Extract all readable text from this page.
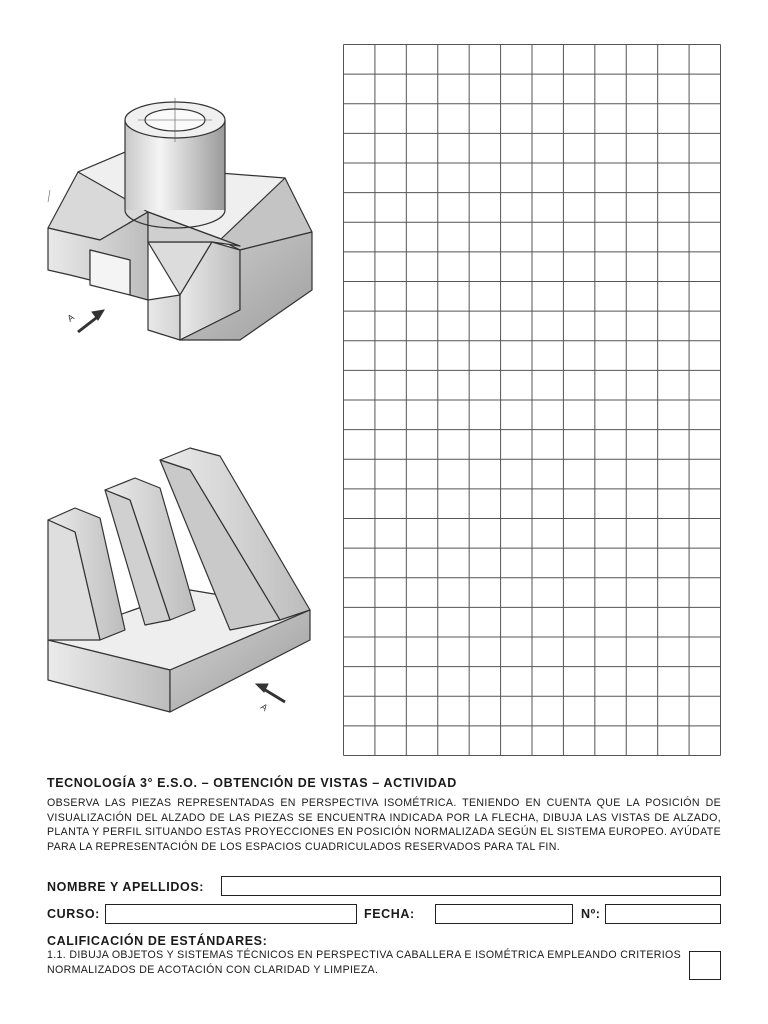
A
A
TECNOLOGÍA 3° E.S.O. – OBTENCIÓN DE VISTAS – ACTIVIDAD
OBSERVA LAS PIEZAS REPRESENTADAS EN PERSPECTIVA ISOMÉTRICA. TENIENDO EN CUENTA QUE LA POSICIÓN DE VISUALIZACIÓN DEL ALZADO DE LAS PIEZAS SE ENCUENTRA INDICADA POR LA FLECHA, DIBUJA LAS VISTAS DE ALZADO, PLANTA Y PERFIL SITUANDO ESTAS PROYECCIONES EN POSICIÓN NORMALIZADA SEGÚN EL SISTEMA EUROPEO. AYÚDATE PARA LA REPRESENTACIÓN DE LOS ESPACIOS CUADRICULADOS RESERVADOS PARA TAL FIN.
NOMBRE Y APELLIDOS:
CURSO:	FECHA:	Nº:
CALIFICACIÓN DE ESTÁNDARES:
1.1. DIBUJA OBJETOS Y SISTEMAS TÉCNICOS EN PERSPECTIVA CABALLERA E ISOMÉTRICA EMPLEANDO CRITERIOS NORMALIZADOS DE ACOTACIÓN CON CLARIDAD Y LIMPIEZA.
